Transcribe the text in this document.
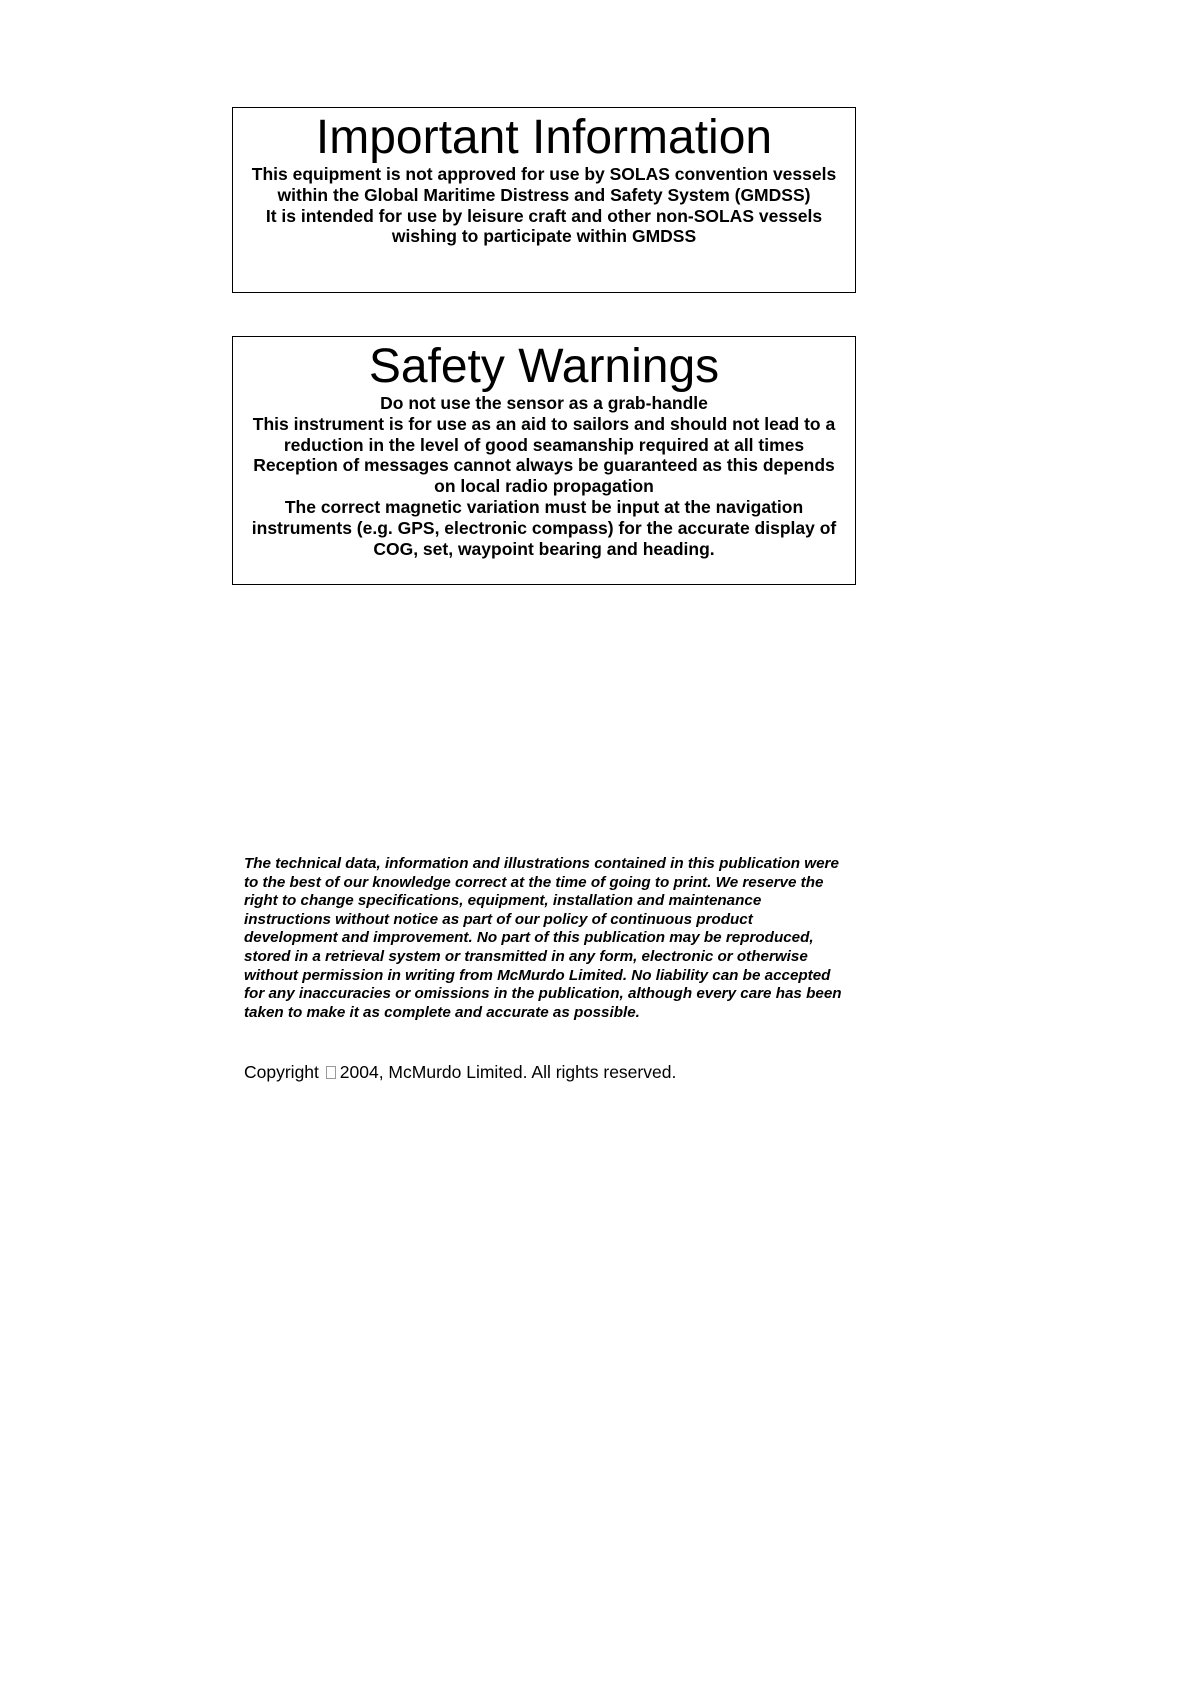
Important Information

This equipment is not approved for use by SOLAS convention vessels within the Global Maritime Distress and Safety System (GMDSS)

It is intended for use by leisure craft and other non-SOLAS vessels wishing to participate within GMDSS

Safety Warnings

Do not use the sensor as a grab-handle

This instrument is for use as an aid to sailors and should not lead to a reduction in the level of good seamanship required at all times

Reception of messages cannot always be guaranteed as this depends on local radio propagation

The correct magnetic variation must be input at the navigation instruments (e.g. GPS, electronic compass) for the accurate display of COG, set, waypoint bearing and heading.

The technical data, information and illustrations contained in this publication were to the best of our knowledge correct at the time of going to print. We reserve the right to change specifications, equipment, installation and maintenance instructions without notice as part of our policy of continuous product development and improvement. No part of this publication may be reproduced, stored in a retrieval system or transmitted in any form, electronic or otherwise without permission in writing from McMurdo Limited. No liability can be accepted for any inaccuracies or omissions in the publication, although every care has been taken to make it as complete and accurate as possible.

Copyright 2004, McMurdo Limited. All rights reserved.
